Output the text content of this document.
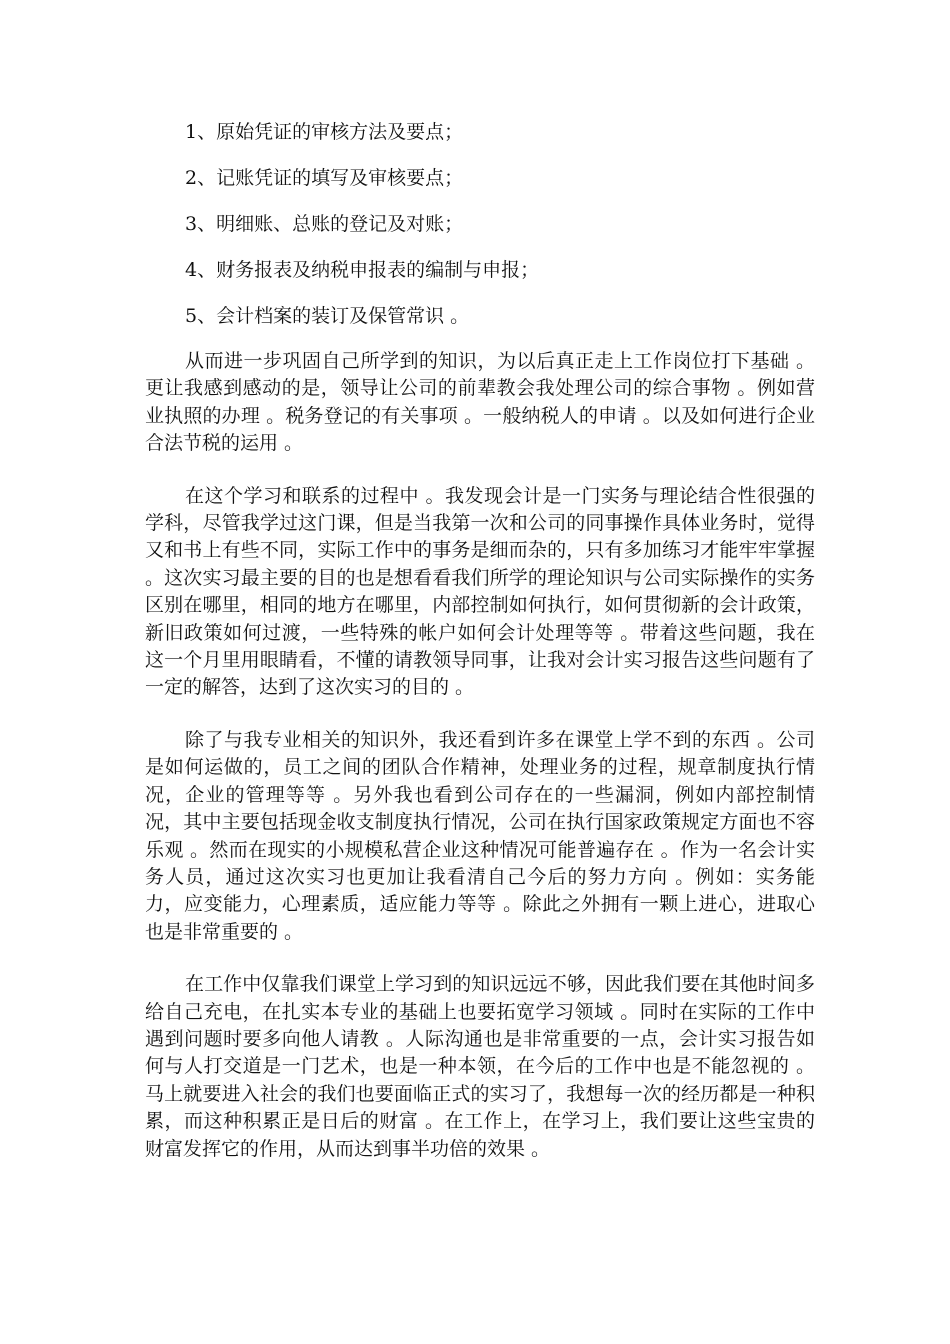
1、原始凭证的审核方法及要点；
2、记账凭证的填写及审核要点；
3、明细账、总账的登记及对账；
4、财务报表及纳税申报表的编制与申报；
5、会计档案的装订及保管常识 。

从而进一步巩固自己所学到的知识，为以后真正走上工作岗位打下基础 。更让我感到感动的是，领导让公司的前辈教会我处理公司的综合事物 。例如营业执照的办理 。税务登记的有关事项 。一般纳税人的申请 。以及如何进行企业合法节税的运用 。

在这个学习和联系的过程中 。我发现会计是一门实务与理论结合性很强的学科，尽管我学过这门课，但是当我第一次和公司的同事操作具体业务时，觉得又和书上有些不同，实际工作中的事务是细而杂的，只有多加练习才能牢牢掌握 。这次实习最主要的目的也是想看看我们所学的理论知识与公司实际操作的实务区别在哪里，相同的地方在哪里，内部控制如何执行，如何贯彻新的会计政策，新旧政策如何过渡，一些特殊的帐户如何会计处理等等 。带着这些问题，我在这一个月里用眼睛看，不懂的请教领导同事，让我对会计实习报告这些问题有了一定的解答，达到了这次实习的目的 。

除了与我专业相关的知识外，我还看到许多在课堂上学不到的东西 。公司是如何运做的，员工之间的团队合作精神，处理业务的过程，规章制度执行情况，企业的管理等等 。另外我也看到公司存在的一些漏洞，例如内部控制情况，其中主要包括现金收支制度执行情况，公司在执行国家政策规定方面也不容乐观 。然而在现实的小规模私营企业这种情况可能普遍存在 。作为一名会计实务人员，通过这次实习也更加让我看清自己今后的努力方向 。例如：实务能力，应变能力，心理素质，适应能力等等 。除此之外拥有一颗上进心，进取心也是非常重要的 。

在工作中仅靠我们课堂上学习到的知识远远不够，因此我们要在其他时间多给自己充电，在扎实本专业的基础上也要拓宽学习领域 。同时在实际的工作中遇到问题时要多向他人请教 。人际沟通也是非常重要的一点，会计实习报告如何与人打交道是一门艺术，也是一种本领，在今后的工作中也是不能忽视的 。马上就要进入社会的我们也要面临正式的实习了，我想每一次的经历都是一种积累，而这种积累正是日后的财富 。在工作上，在学习上，我们要让这些宝贵的财富发挥它的作用，从而达到事半功倍的效果 。
